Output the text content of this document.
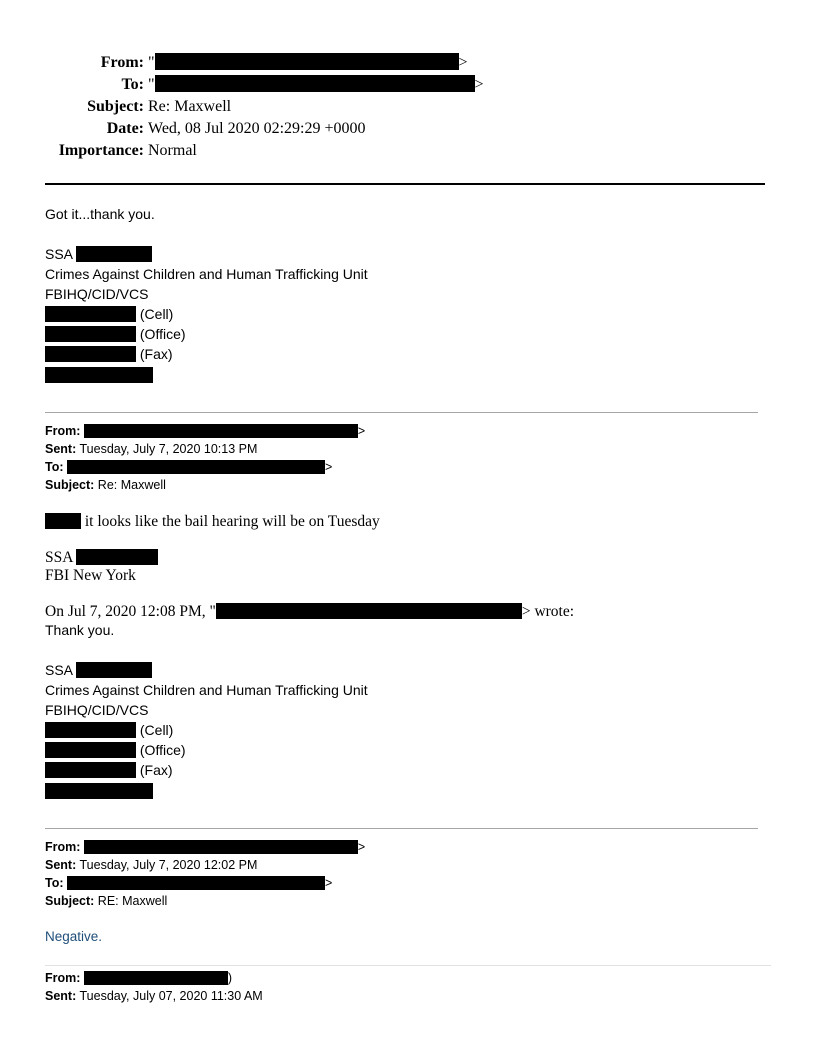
From: "	>
To: "	>
Subject: Re: Maxwell
Date: Wed, 08 Jul 2020 02:29:29 +0000
Importance: Normal
Got it...thank you.
SSA
Crimes Against Children and Human Trafficking Unit
FBIHQ/CID/VCS
(Cell)
(Office)
(Fax)
From:	>
Sent: Tuesday, July 7, 2020 10:13 PM
To:	>
Subject: Re: Maxwell
it looks like the bail hearing will be on Tuesday
SSA
FBI New York
On Jul 7, 2020 12:08 PM, "	> wrote:
Thank you.
SSA
Crimes Against Children and Human Trafficking Unit
FBIHQ/CID/VCS
(Cell)
(Office)
(Fax)
From:	>
Sent: Tuesday, July 7, 2020 12:02 PM
To:	>
Subject: RE: Maxwell
Negative.
From:	)
Sent: Tuesday, July 07, 2020 11:30 AM
